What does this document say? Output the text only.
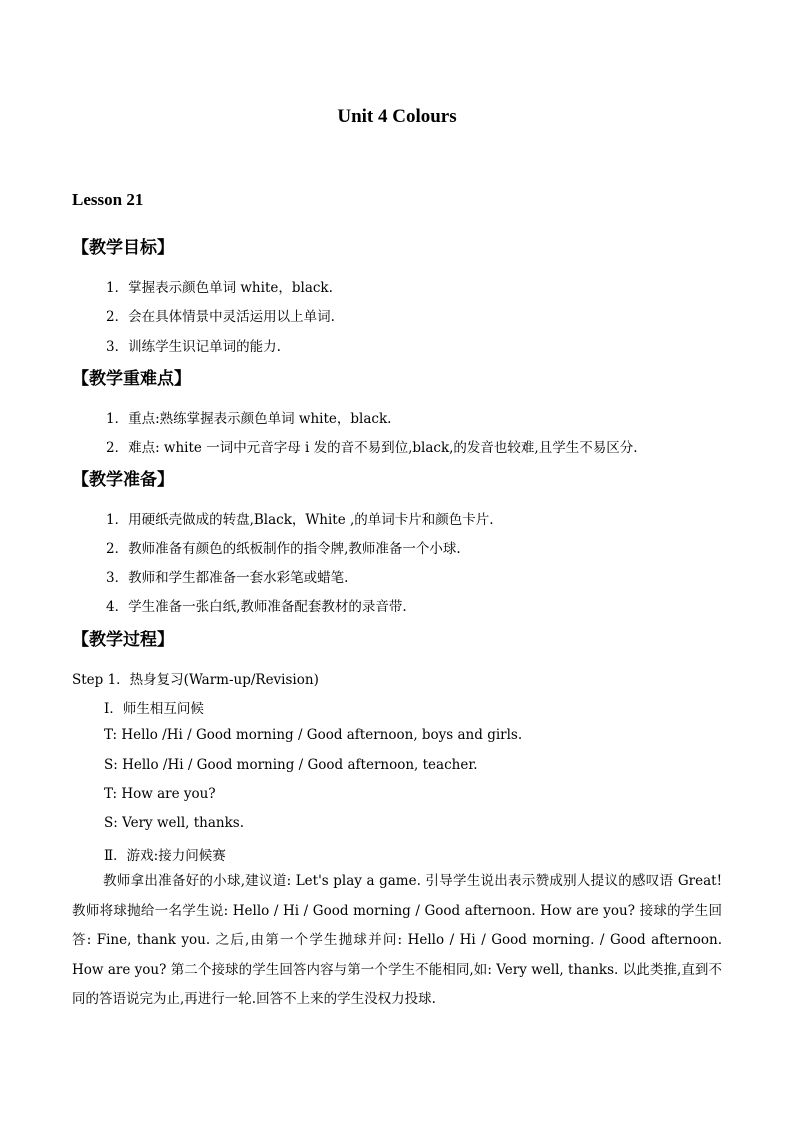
Unit 4 Colours
Lesson 21
【教学目标】
1．掌握表示颜色单词 white，black.
2．会在具体情景中灵活运用以上单词.
3．训练学生识记单词的能力.
【教学重难点】
1．重点:熟练掌握表示颜色单词 white，black.
2．难点: white 一词中元音字母 i 发的音不易到位,black,的发音也较难,且学生不易区分.
【教学准备】
1．用硬纸壳做成的转盘,Black，White ,的单词卡片和颜色卡片.
2．教师准备有颜色的纸板制作的指令牌,教师准备一个小球.
3．教师和学生都准备一套水彩笔或蜡笔.
4．学生准备一张白纸,教师准备配套教材的录音带.
【教学过程】
Step 1．热身复习(Warm-up/Revision)
Ⅰ．师生相互问候
T: Hello /Hi / Good morning / Good afternoon, boys and girls.
S: Hello /Hi / Good morning / Good afternoon, teacher.
T: How are you?
S: Very well, thanks.
Ⅱ．游戏:接力问候赛
教师拿出准备好的小球,建议道: Let's play a game. 引导学生说出表示赞成别人提议的感叹语 Great! 教师将球抛给一名学生说: Hello / Hi / Good morning / Good afternoon. How are you? 接球的学生回答: Fine, thank you. 之后,由第一个学生抛球并问: Hello / Hi / Good morning. / Good afternoon. How are you? 第二个接球的学生回答内容与第一个学生不能相同,如: Very well, thanks. 以此类推,直到不同的答语说完为止,再进行一轮.回答不上来的学生没权力投球.
